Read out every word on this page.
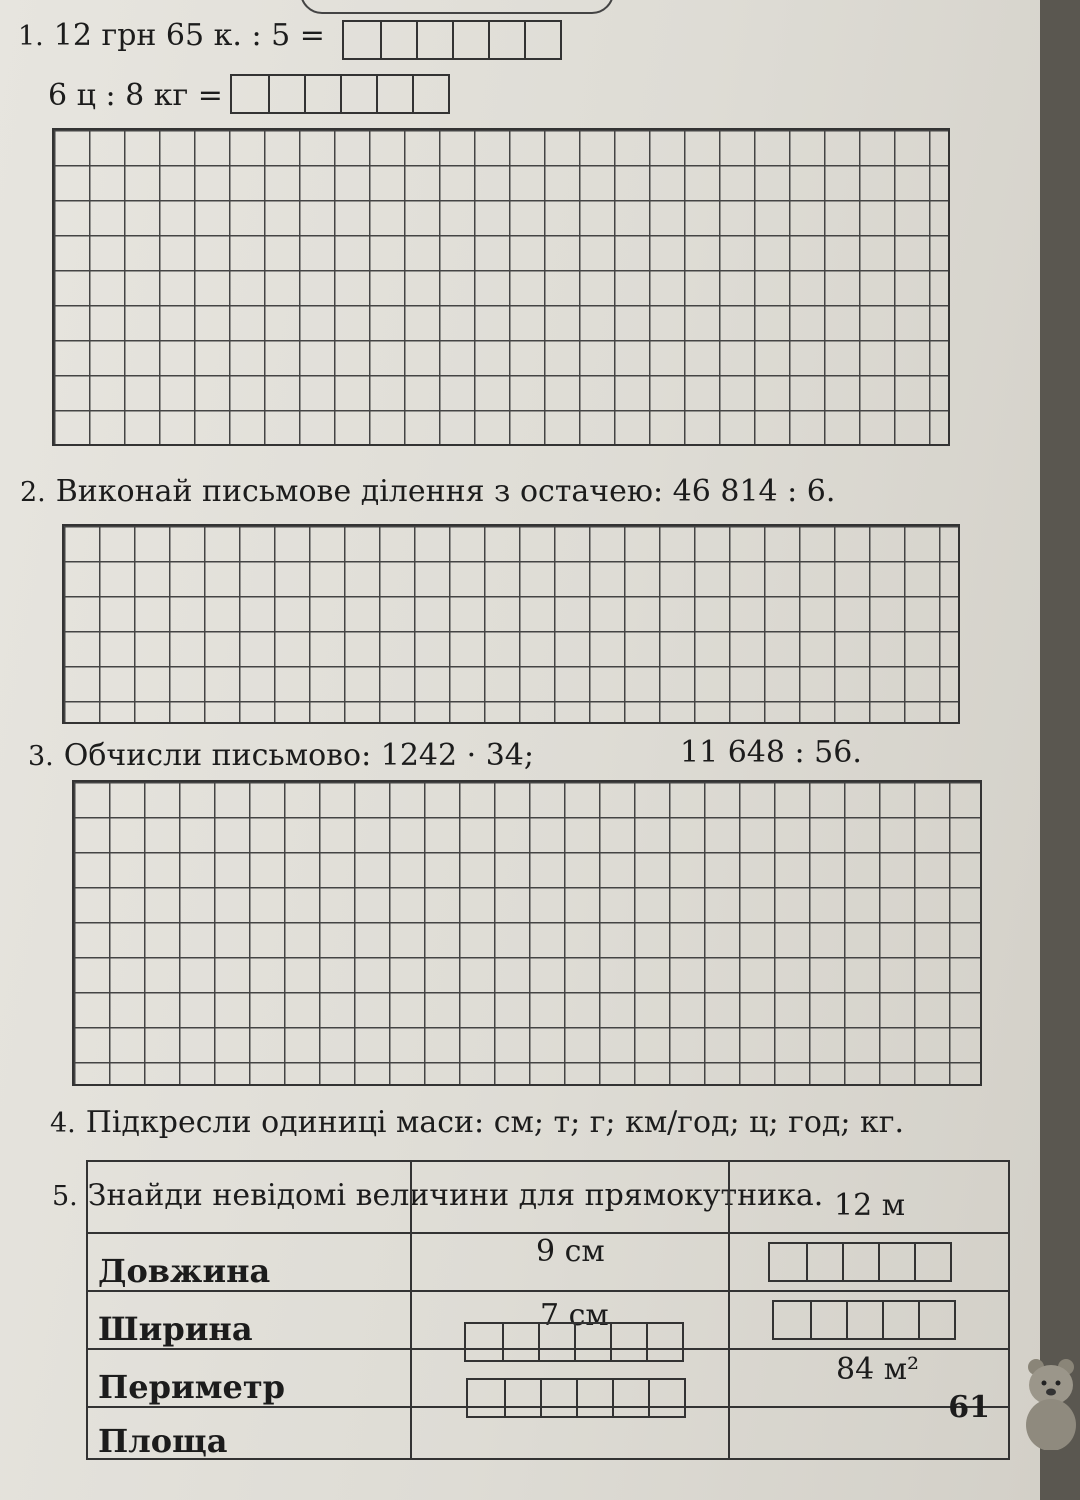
1. 12 грн 65 к. : 5 =
6 ц : 8 кг =
2. Виконай письмове ділення з остачею: 46 814 : 6.
3. Обчисли письмово: 1242 · 34;	11 648 : 56.
4. Підкресли одиниці маси: см; т; г; км/год; ц; год; кг.
5. Знайди невідомі величини для прямокутника.
Довжина
Ширина
Периметр
Площа
9 см
7 см
12 м
84 м²
61
